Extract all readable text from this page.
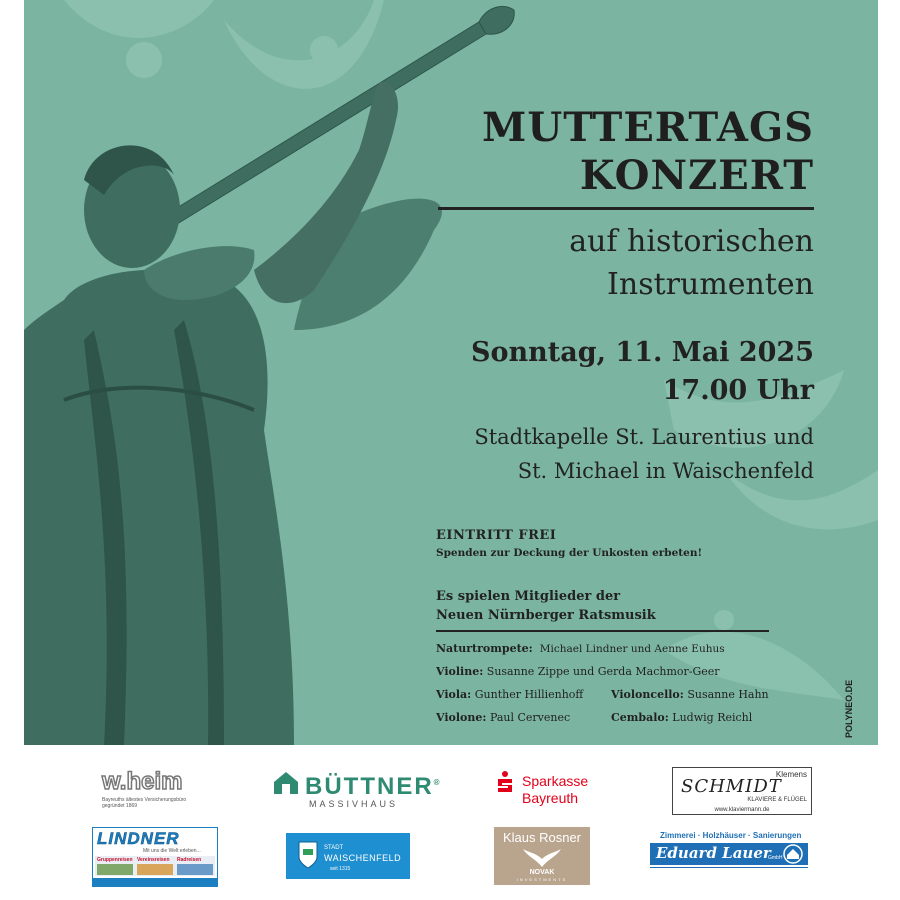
MUTTERTAGS
KONZERT
auf historischen
Instrumenten
Sonntag, 11. Mai 2025
17.00 Uhr
Stadtkapelle St. Laurentius und
St. Michael in Waischenfeld
EINTRITT FREI
Spenden zur Deckung der Unkosten erbeten!
Es spielen Mitglieder der
Neuen Nürnberger Ratsmusik
Naturtrompete: Michael Lindner und Aenne Euhus
Violine: Susanne Zippe und Gerda Machmor-Geer
Viola: Gunther Hillienhoff	Violoncello: Susanne Hahn
Violone: Paul Cervenec	Cembalo: Ludwig Reichl	POLYNEO.DE
w.heim
Bayreuths ältestes Versicherungsbüro gegründet 1869
BÜTTNER®
MASSIVHAUS
Sparkasse
Bayreuth
Klemens
SCHMIDT
KLAVIERE & FLÜGEL
www.klaviermann.de
LINDNER
Mit uns die Welt erleben...
Gruppenreisen Vereinsreisen Radreisen
STADT
WAISCHENFELD
seit 1315
Klaus Rosner
NOVAK
INVESTMENTS
Zimmerei · Holzhäuser · Sanierungen
Eduard Lauer
GmbH
